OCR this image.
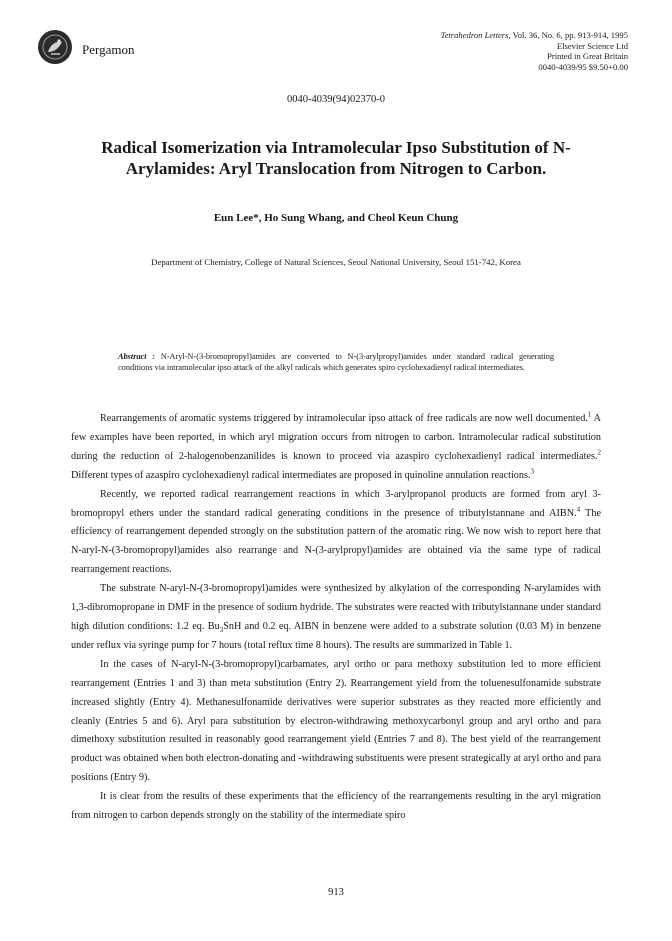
Pergamon
Tetrahedron Letters, Vol. 36, No. 6, pp. 913-914, 1995
Elsevier Science Ltd
Printed in Great Britain
0040-4039/95 $9.50+0.00
0040-4039(94)02370-0
Radical Isomerization via Intramolecular Ipso Substitution of N-Arylamides: Aryl Translocation from Nitrogen to Carbon.
Eun Lee*, Ho Sung Whang, and Cheol Keun Chung
Department of Chemistry, College of Natural Sciences, Seoul National University, Seoul 151-742, Korea
Abstract : N-Aryl-N-(3-bromopropyl)amides are converted to N-(3-arylpropyl)amides under standard radical generating conditions via intramolecular ipso attack of the alkyl radicals which generates spiro cyclohexadienyl radical intermediates.

Rearrangements of aromatic systems triggered by intramolecular ipso attack of free radicals are now well documented.$^1$ A few examples have been reported, in which aryl migration occurs from nitrogen to carbon. Intramolecular radical substitution during the reduction of 2-halogenobenzanilides is known to proceed via azaspiro cyclohexadienyl radical intermediates.$^2$ Different types of azaspiro cyclohexadienyl radical intermediates are proposed in quinoline annulation reactions.$^3$

Recently, we reported radical rearrangement reactions in which 3-arylpropanol products are formed from aryl 3-bromopropyl ethers under the standard radical generating conditions in the presence of tributylstannane and AIBN.$^4$ The efficiency of rearrangement depended strongly on the substitution pattern of the aromatic ring. We now wish to report here that N-aryl-N-(3-bromopropyl)amides also rearrange and N-(3-arylpropyl)amides are obtained via the same type of radical rearrangement reactions.

The substrate N-aryl-N-(3-bromopropyl)amides were synthesized by alkylation of the corresponding N-arylamides with 1,3-dibromopropane in DMF in the presence of sodium hydride. The substrates were reacted with tributylstannane under standard high dilution conditions: 1.2 eq. $Bu_3SnH$ and 0.2 eq. AIBN in benzene were added to a substrate solution (0.03 M) in benzene under reflux via syringe pump for 7 hours (total reflux time 8 hours). The results are summarized in Table 1.

In the cases of N-aryl-N-(3-bromopropyl)carbamates, aryl ortho or para methoxy substitution led to more efficient rearrangement (Entries 1 and 3) than meta substitution (Entry 2). Rearrangement yield from the toluenesulfonamide substrate increased slightly (Entry 4). Methanesulfonamide derivatives were superior substrates as they reacted more efficiently and cleanly (Entries 5 and 6). Aryl para substitution by electron-withdrawing methoxycarbonyl group and aryl ortho and para dimethoxy substitution resulted in reasonably good rearrangement yield (Entries 7 and 8). The best yield of the rearrangement product was obtained when both electron-donating and -withdrawing substituents were present strategically at aryl ortho and para positions (Entry 9).

It is clear from the results of these experiments that the efficiency of the rearrangements resulting in the aryl migration from nitrogen to carbon depends strongly on the stability of the intermediate spiro

913
